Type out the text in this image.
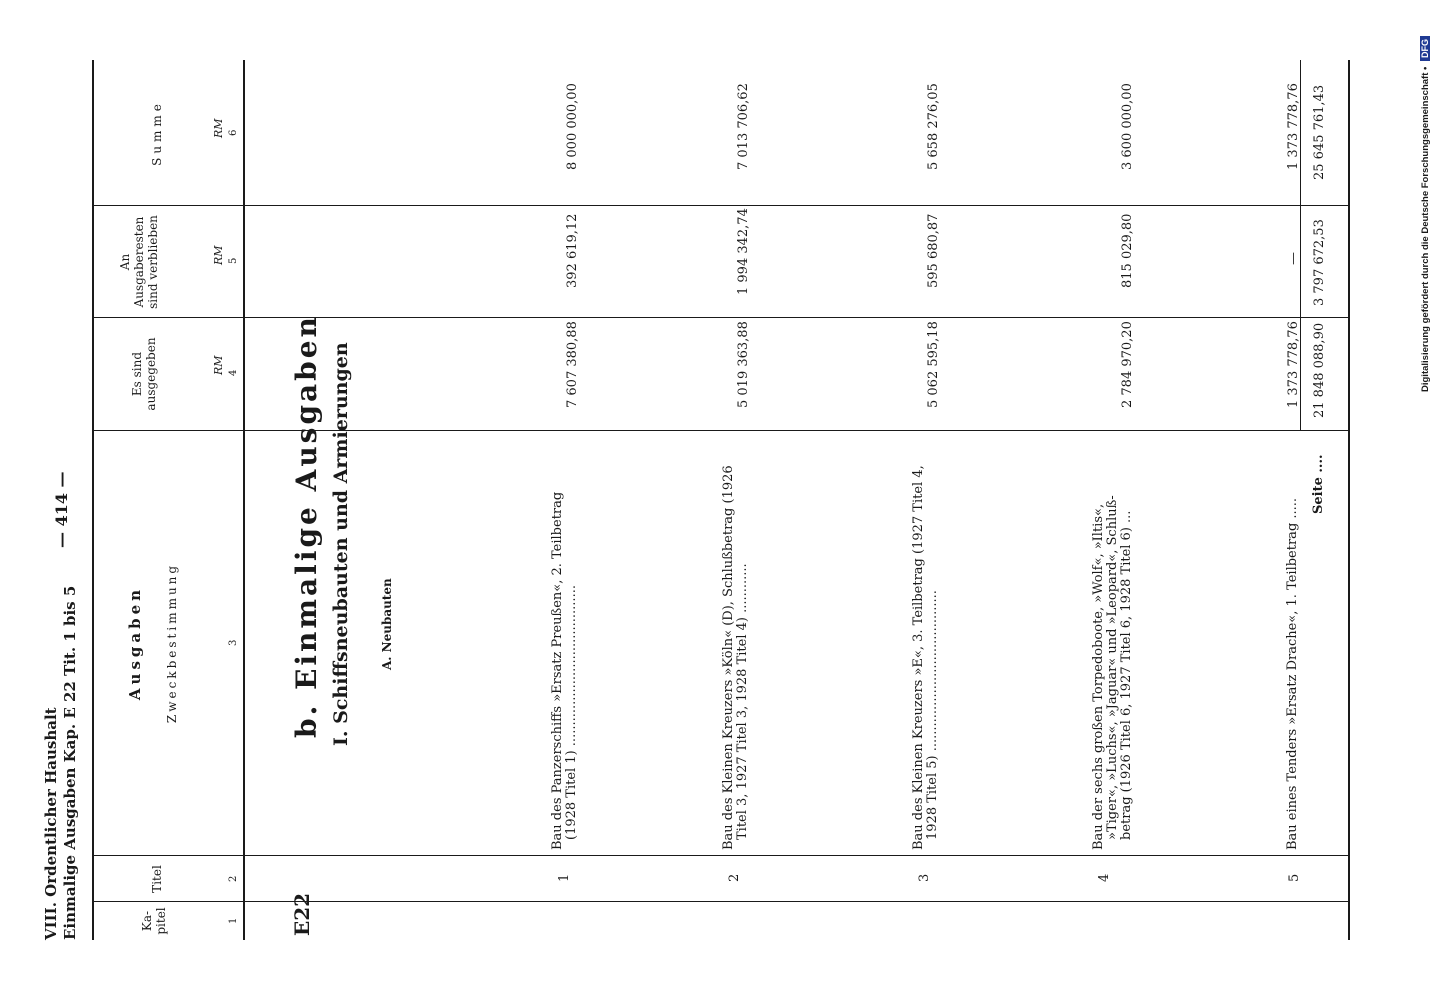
VIII. Ordentlicher Haushalt Einmalige Ausgaben Kap. E 22 Tit. 1 bis 5
— 414 —
Ka-
pitel
Titel
Ausgaben Zweckbestimmung
Es sind
ausgegeben
An
Ausgaberesten
sind verblieben
Summe
RM
RM
RM
1
2
3
4
5
6
E22
b. Einmalige Ausgaben I. Schiffsneubauten und Armierungen A. Neubauten
1
Bau des Panzerschiffs »Ersatz Preußen«, 2. Teilbetrag (1928 Titel 1) .......................................
7 607 380,88
392 619,12
8 000 000,00
2
Bau des Kleinen Kreuzers »Köln« (D), Schlußbetrag (1926 Titel 3, 1927 Titel 3, 1928 Titel 4) ............
5 019 363,88
1 994 342,74
7 013 706,62
3
Bau des Kleinen Kreuzers »E«, 3. Teilbetrag (1927 Titel 4, 1928 Titel 5) .......................................
5 062 595,18
595 680,87
5 658 276,05
4
Bau der sechs großen Torpedoboote, »Wolf«, »Iltis«, »Tiger«, »Luchs«, »Jaguar« und »Leopard«, Schluß- betrag (1926 Titel 6, 1927 Titel 6, 1928 Titel 6) ...
2 784 970,20
815 029,80
3 600 000,00
5
Bau eines Tenders »Ersatz Drache«, 1. Teilbetrag .....
1 373 778,76
—
1 373 778,76
Seite ....
21 848 088,90
3 797 672,53
25 645 761,43	Digitalisierung gefördert durch die Deutsche Forschungsgemeinschaft • DFG
